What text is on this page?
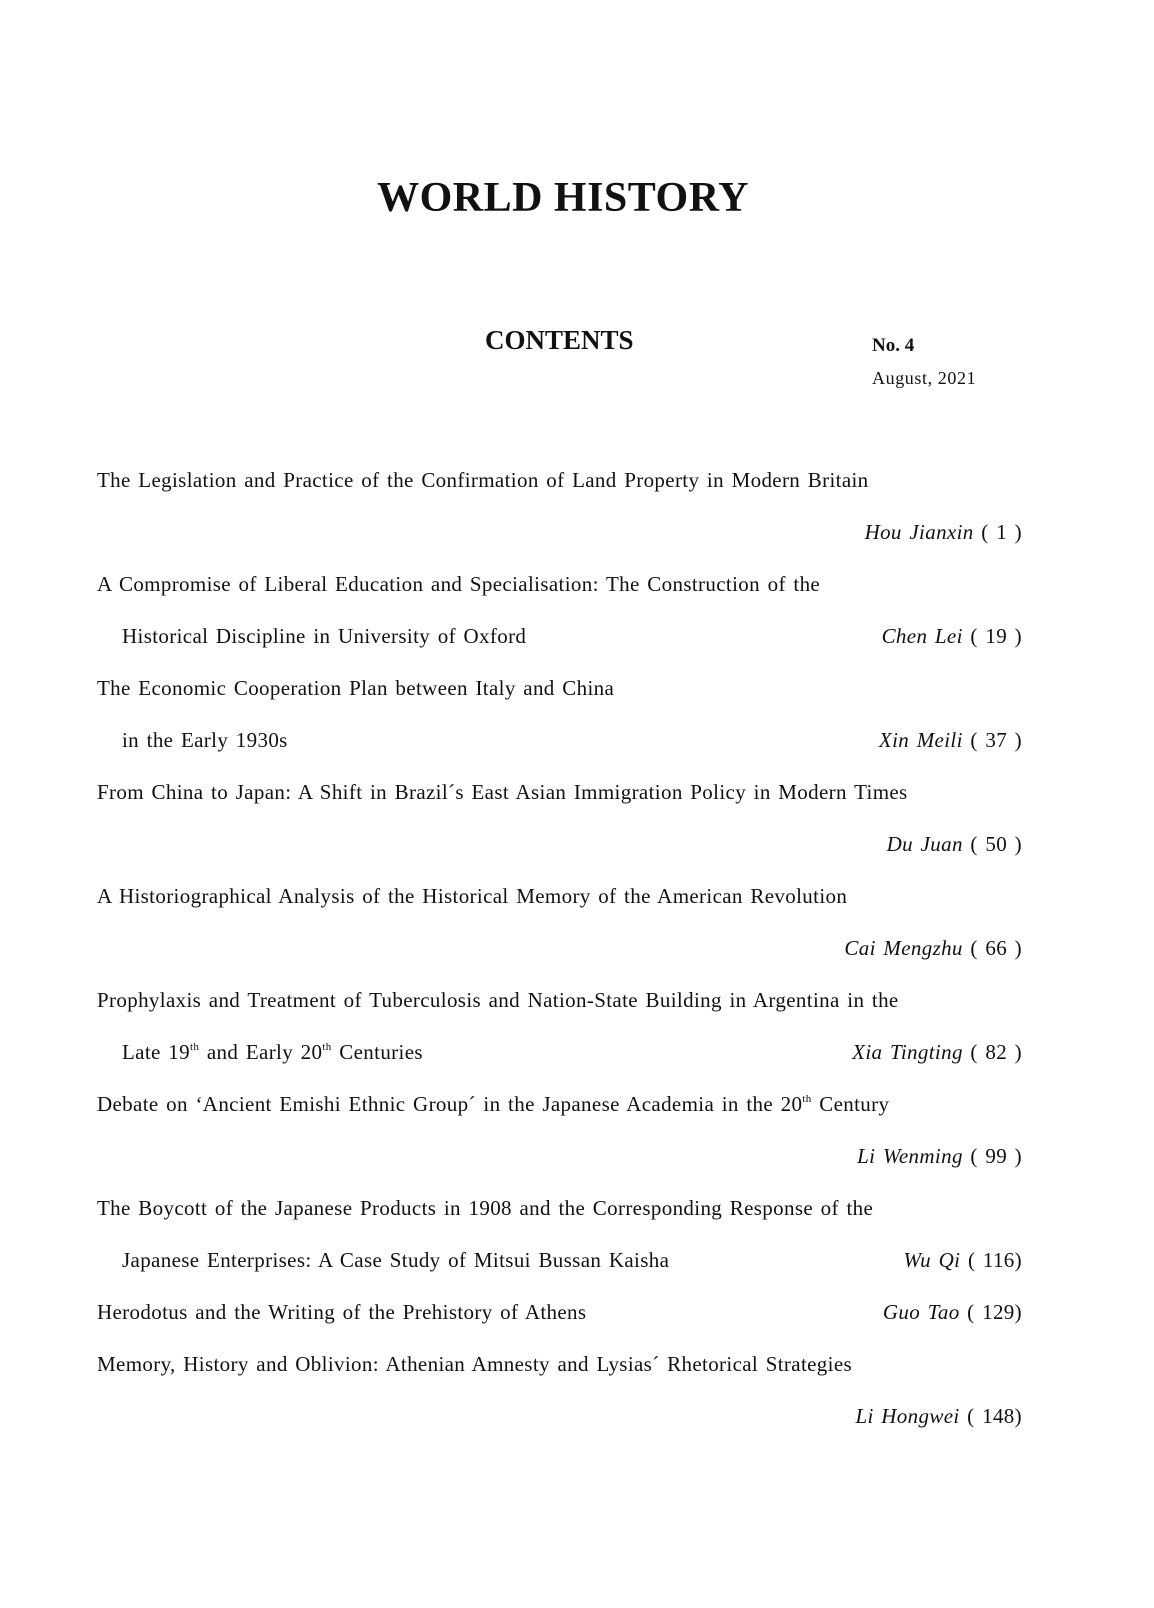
WORLD HISTORY
CONTENTS	No. 4
August, 2021
The Legislation and Practice of the Confirmation of Land Property in Modern Britain
Hou Jianxin ( 1 )
A Compromise of Liberal Education and Specialisation: The Construction of the
Historical Discipline in University of Oxford	Chen Lei ( 19 )
The Economic Cooperation Plan between Italy and China
in the Early 1930s	Xin Meili ( 37 )
From China to Japan: A Shift in Brazil´s East Asian Immigration Policy in Modern Times
Du Juan ( 50 )
A Historiographical Analysis of the Historical Memory of the American Revolution
Cai Mengzhu ( 66 )
Prophylaxis and Treatment of Tuberculosis and Nation-State Building in Argentina in the
Late 19th and Early 20th Centuries	Xia Tingting ( 82 )
Debate on ‘Ancient Emishi Ethnic Group´ in the Japanese Academia in the 20th Century
Li Wenming ( 99 )
The Boycott of the Japanese Products in 1908 and the Corresponding Response of the
Japanese Enterprises: A Case Study of Mitsui Bussan Kaisha	Wu Qi ( 116)
Herodotus and the Writing of the Prehistory of Athens	Guo Tao ( 129)
Memory, History and Oblivion: Athenian Amnesty and Lysias´ Rhetorical Strategies
Li Hongwei ( 148)
